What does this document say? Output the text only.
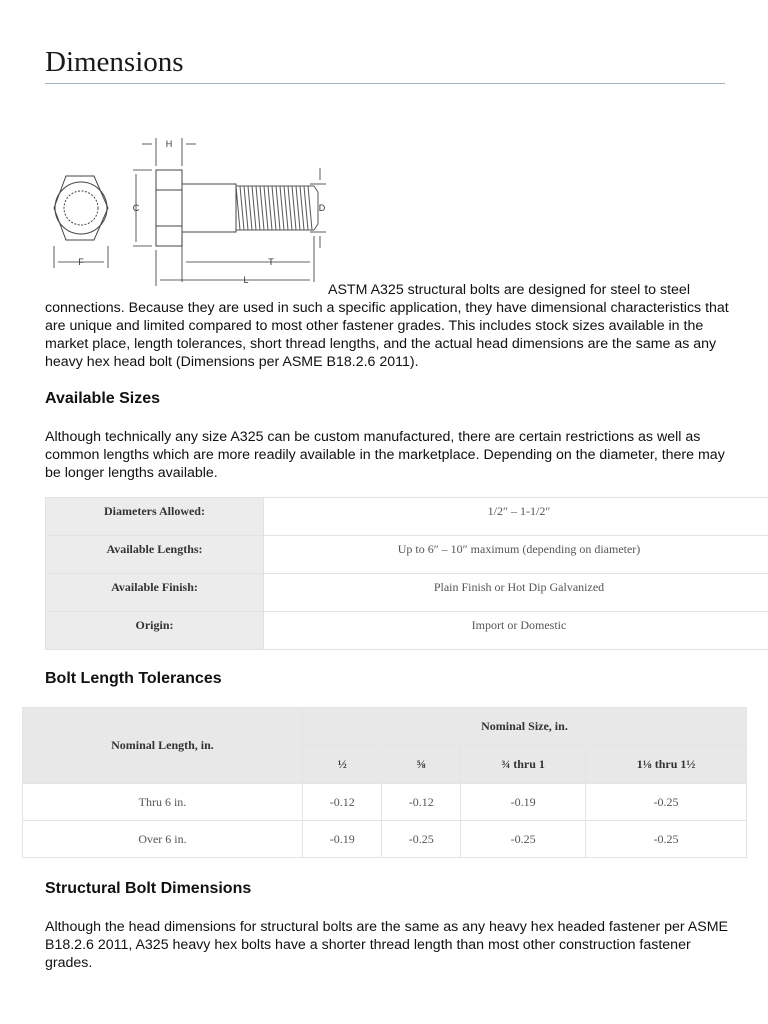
Dimensions
H
C	D
F	T
L

ASTM A325 structural bolts are designed for steel to steel
connections. Because they are used in such a specific application, they have dimensional characteristics that are unique and limited compared to most other fastener grades. This includes stock sizes available in the market place, length tolerances, short thread lengths, and the actual head dimensions are the same as any heavy hex head bolt (Dimensions per ASME B18.2.6 2011).

Available Sizes

Although technically any size A325 can be custom manufactured, there are certain restrictions as well as common lengths which are more readily available in the marketplace. Depending on the diameter, there may be longer lengths available.

Diameters Allowed:	1/2″ – 1-1/2″

Available Lengths:	Up to 6″ – 10″ maximum (depending on diameter)

Available Finish:	Plain Finish or Hot Dip Galvanized

Origin:	Import or Domestic
Bolt Length Tolerances
Nominal Length, in.	Nominal Size, in.			
	½	⅝	¾ thru 1	1⅛ thru 1½
Thru 6 in.	-0.12	-0.12	-0.19	-0.25
Over 6 in.	-0.19	-0.25	-0.25	-0.25
Structural Bolt Dimensions

Although the head dimensions for structural bolts are the same as any heavy hex headed fastener per ASME B18.2.6 2011, A325 heavy hex bolts have a shorter thread length than most other construction fastener grades.
